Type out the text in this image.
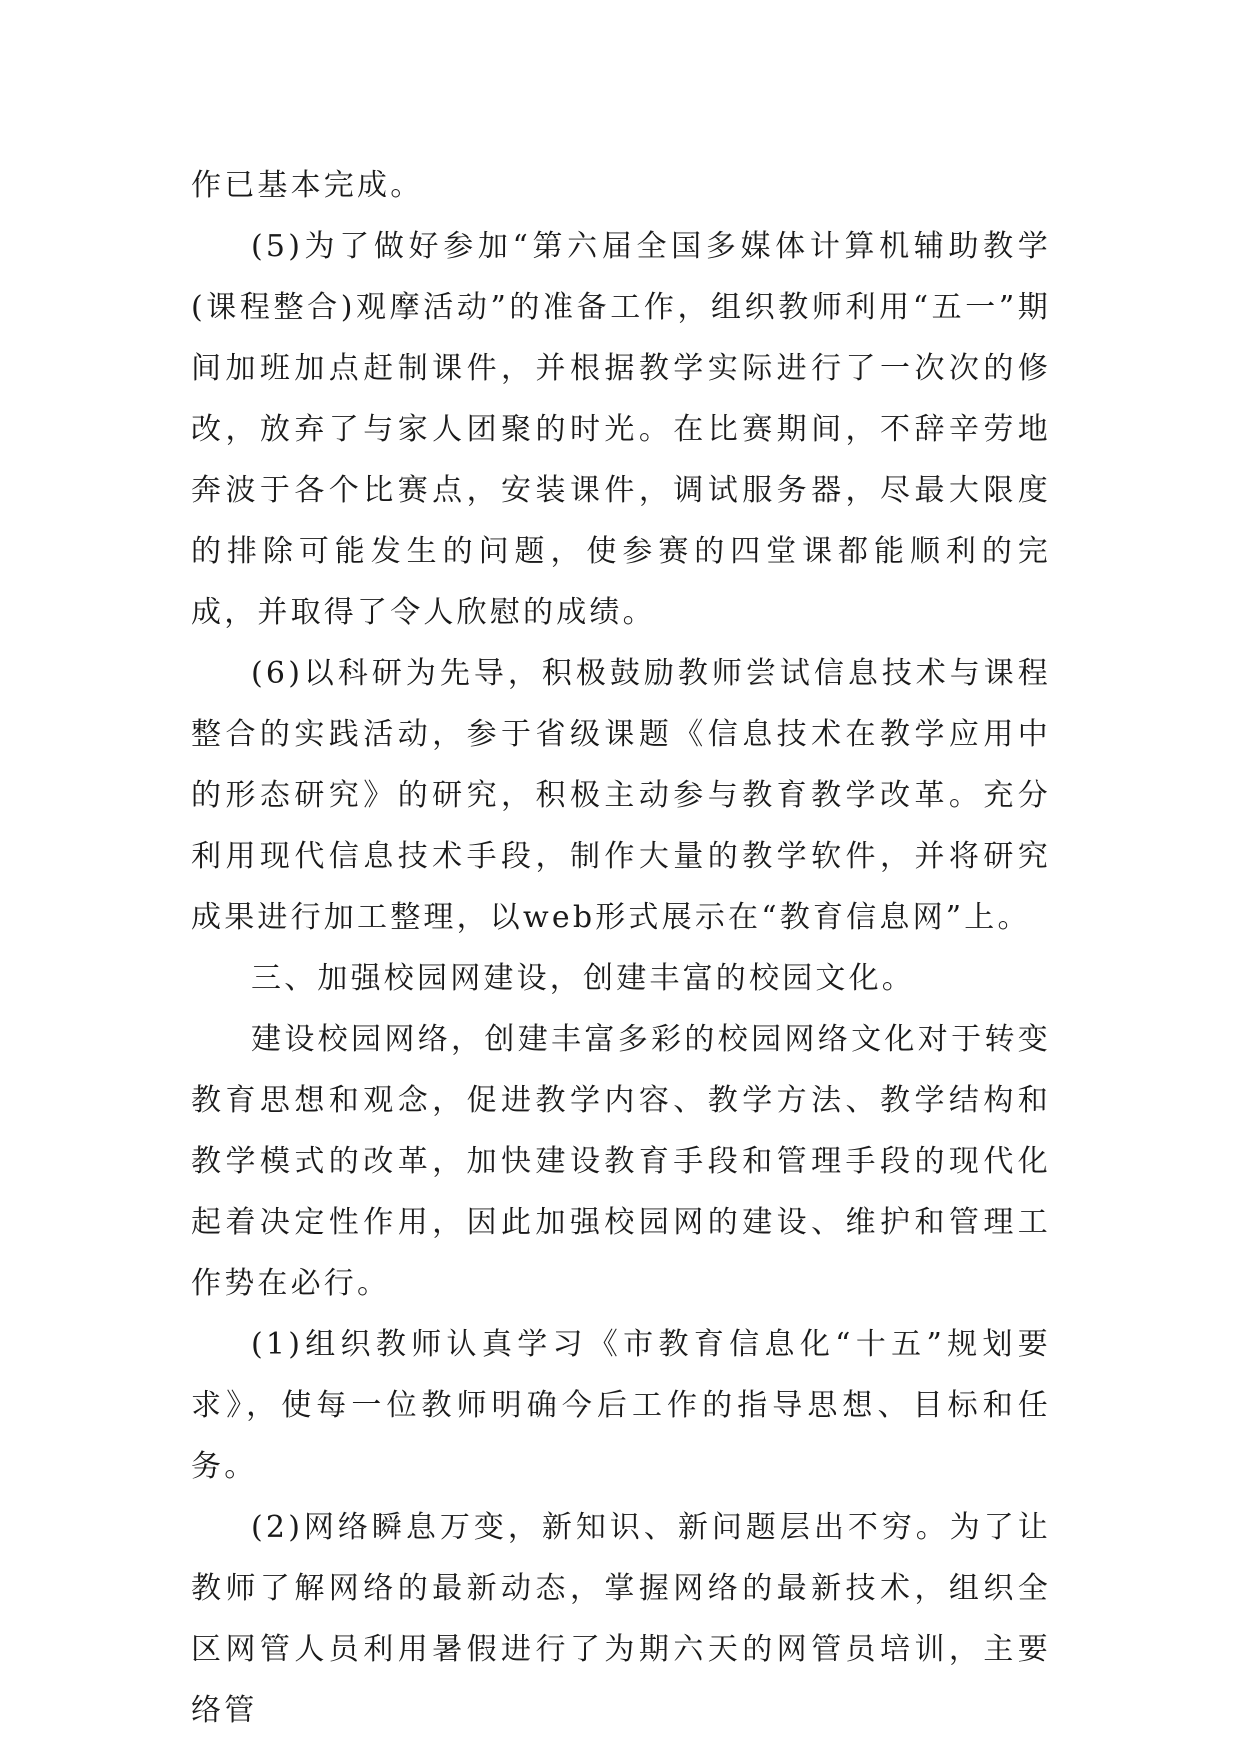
作已基本完成。

(5)为了做好参加“第六届全国多媒体计算机辅助教学(课程整合)观摩活动”的准备工作，组织教师利用“五一”期间加班加点赶制课件，并根据教学实际进行了一次次的修改，放弃了与家人团聚的时光。在比赛期间，不辞辛劳地奔波于各个比赛点，安装课件，调试服务器，尽最大限度的排除可能发生的问题，使参赛的四堂课都能顺利的完成，并取得了令人欣慰的成绩。

(6)以科研为先导，积极鼓励教师尝试信息技术与课程整合的实践活动，参于省级课题《信息技术在教学应用中的形态研究》的研究，积极主动参与教育教学改革。充分利用现代信息技术手段，制作大量的教学软件，并将研究成果进行加工整理，以web形式展示在“教育信息网”上。

三、加强校园网建设，创建丰富的校园文化。

建设校园网络，创建丰富多彩的校园网络文化对于转变教育思想和观念，促进教学内容、教学方法、教学结构和教学模式的改革，加快建设教育手段和管理手段的现代化起着决定性作用，因此加强校园网的建设、维护和管理工作势在必行。

(1)组织教师认真学习《市教育信息化“十五”规划要求》，使每一位教师明确今后工作的指导思想、目标和任务。

(2)网络瞬息万变，新知识、新问题层出不穷。为了让教师了解网络的最新动态，掌握网络的最新技术，组织全区网管人员利用暑假进行了为期六天的网管员培训，主要络管
